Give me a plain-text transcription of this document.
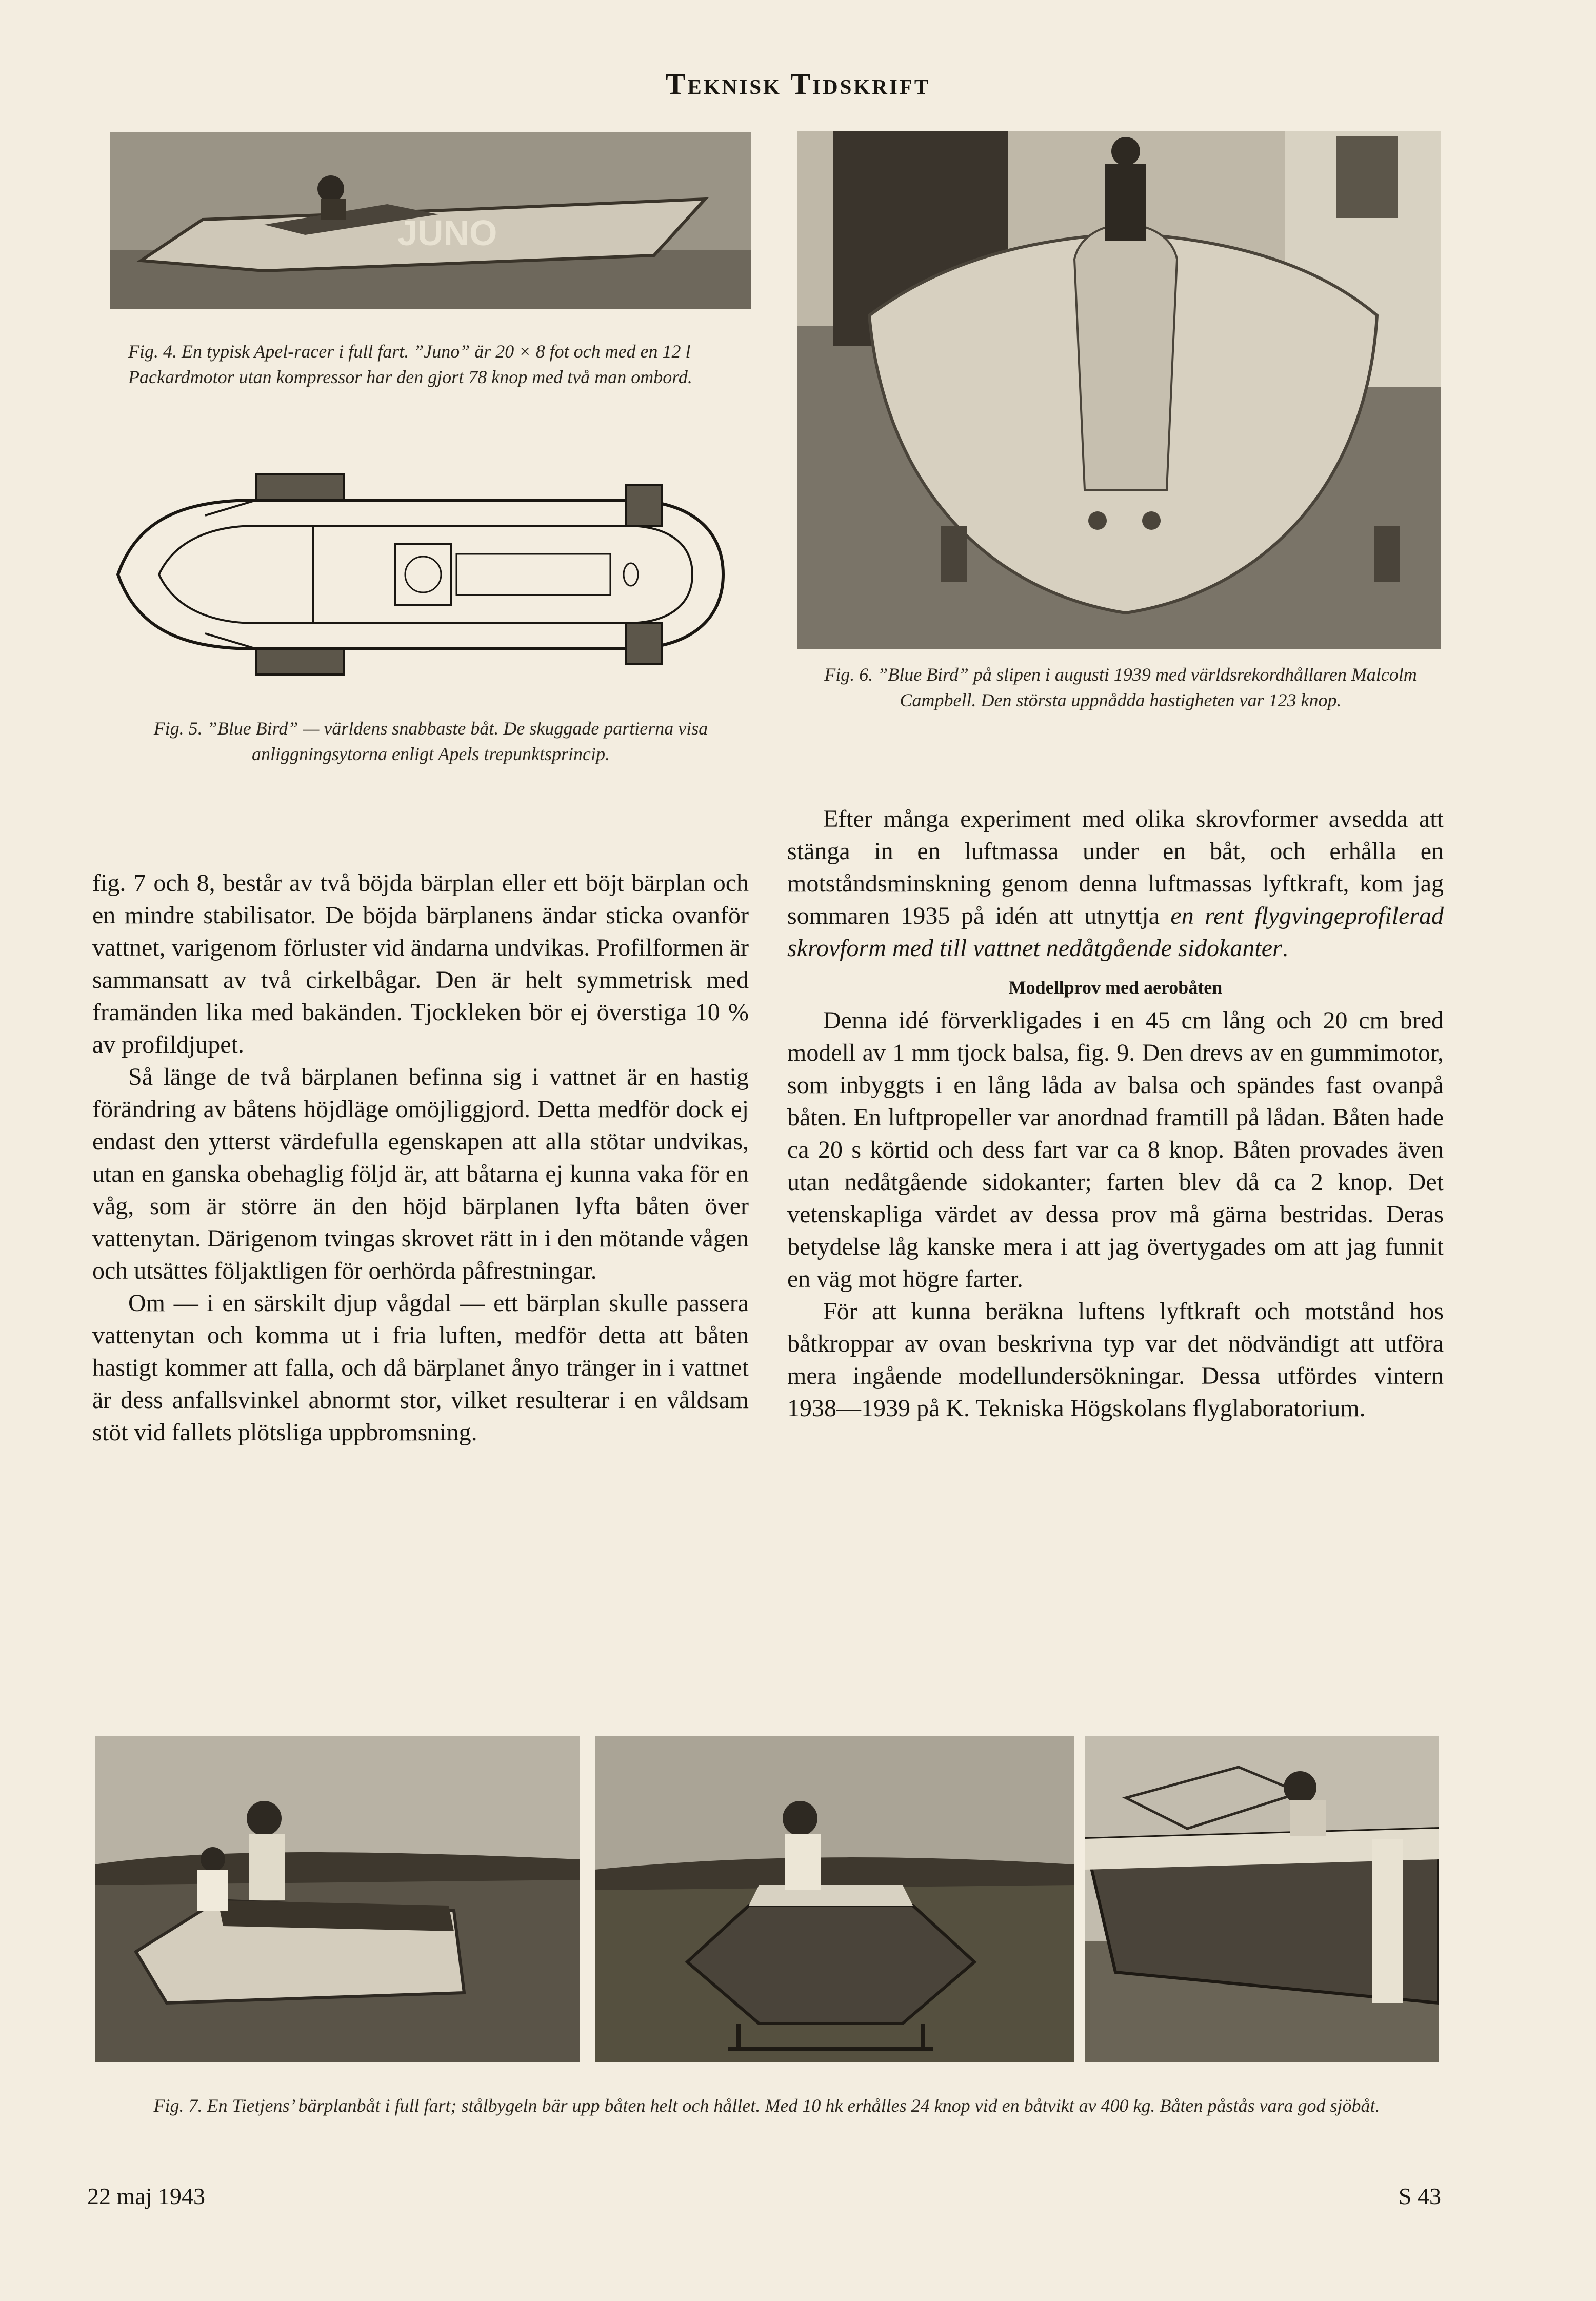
Teknisk Tidskrift
JUNO
Fig. 4. En typisk Apel-racer i full fart. ”Juno” är 20 × 8 fot och med en 12 l Packardmotor utan kompressor har den gjort 78 knop med två man ombord.
Fig. 5. ”Blue Bird” — världens snabbaste båt. De skuggade partierna visa anliggningsytorna enligt Apels trepunktsprincip.
Fig. 6. ”Blue Bird” på slipen i augusti 1939 med världsrekordhållaren Malcolm Campbell. Den största uppnådda hastigheten var 123 knop.

fig. 7 och 8, består av två böjda bärplan eller ett böjt bärplan och en mindre stabilisator. De böjda bärplanens ändar sticka ovanför vattnet, varigenom förluster vid ändarna undvikas. Profilformen är sammansatt av två cirkelbågar. Den är helt symmetrisk med framänden lika med bakänden. Tjockleken bör ej överstiga 10 % av profildjupet.

Så länge de två bärplanen befinna sig i vattnet är en hastig förändring av båtens höjdläge omöjliggjord. Detta medför dock ej endast den ytterst värdefulla egenskapen att alla stötar undvikas, utan en ganska obehaglig följd är, att båtarna ej kunna vaka för en våg, som är större än den höjd bärplanen lyfta båten över vattenytan. Därigenom tvingas skrovet rätt in i den mötande vågen och utsättes följaktligen för oerhörda påfrestningar.

Om — i en särskilt djup vågdal — ett bärplan skulle passera vattenytan och komma ut i fria luften, medför detta att båten hastigt kommer att falla, och då bärplanet ånyo tränger in i vattnet är dess anfallsvinkel abnormt stor, vilket resulterar i en våldsam stöt vid fallets plötsliga uppbromsning.

Efter många experiment med olika skrovformer avsedda att stänga in en luftmassa under en båt, och erhålla en motståndsminskning genom denna luftmassas lyftkraft, kom jag sommaren 1935 på idén att utnyttja en rent flygvingeprofilerad skrovform med till vattnet nedåtgående sidokanter.

Modellprov med aerobåten

Denna idé förverkligades i en 45 cm lång och 20 cm bred modell av 1 mm tjock balsa, fig. 9. Den drevs av en gummimotor, som inbyggts i en lång låda av balsa och spändes fast ovanpå båten. En luftpropeller var anordnad framtill på lådan. Båten hade ca 20 s körtid och dess fart var ca 8 knop. Båten provades även utan nedåtgående sidokanter; farten blev då ca 2 knop. Det vetenskapliga värdet av dessa prov må gärna bestridas. Deras betydelse låg kanske mera i att jag övertygades om att jag funnit en väg mot högre farter.

För att kunna beräkna luftens lyftkraft och motstånd hos båtkroppar av ovan beskrivna typ var det nödvändigt att utföra mera ingående modellundersökningar. Dessa utfördes vintern 1938—1939 på K. Tekniska Högskolans flyglaboratorium.

Fig. 7. En Tietjens’ bärplanbåt i full fart; stålbygeln bär upp båten helt och hållet. Med 10 hk erhålles 24 knop vid en båtvikt av 400 kg. Båten påstås vara god sjöbåt.
22 maj 1943	S 43
